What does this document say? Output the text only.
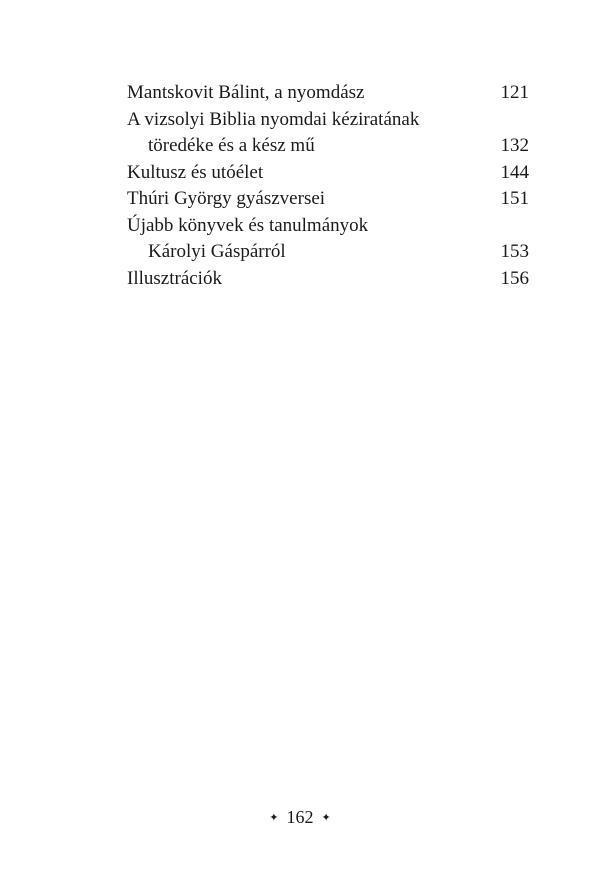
Mantskovit Bálint, a nyomdász	121
A vizsolyi Biblia nyomdai kéziratának
töredéke és a kész mű	132
Kultusz és utóélet	144
Thúri György gyászversei	151
Újabb könyvek és tanulmányok
Károlyi Gáspárról	153
Illusztrációk	156
✦ 162 ✦
